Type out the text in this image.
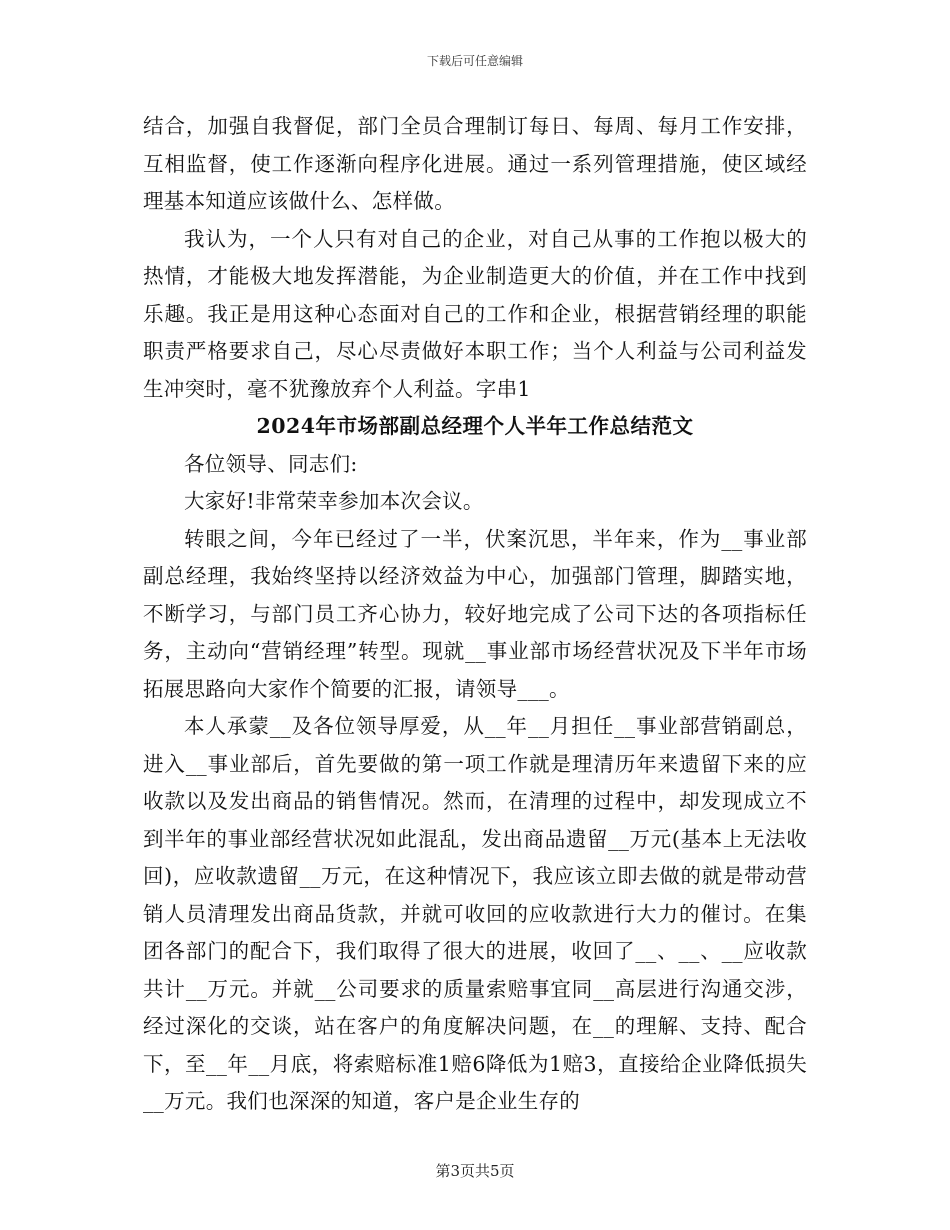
下载后可任意编辑

结合，加强自我督促，部门全员合理制订每日、每周、每月工作安排，互相监督，使工作逐渐向程序化进展。通过一系列管理措施，使区域经理基本知道应该做什么、怎样做。

我认为，一个人只有对自己的企业，对自己从事的工作抱以极大的热情，才能极大地发挥潜能，为企业制造更大的价值，并在工作中找到乐趣。我正是用这种心态面对自己的工作和企业，根据营销经理的职能职责严格要求自己，尽心尽责做好本职工作；当个人利益与公司利益发生冲突时，毫不犹豫放弃个人利益。字串1

2024年市场部副总经理个人半年工作总结范文

各位领导、同志们:

大家好!非常荣幸参加本次会议。

转眼之间，今年已经过了一半，伏案沉思，半年来，作为__事业部副总经理，我始终坚持以经济效益为中心，加强部门管理，脚踏实地，不断学习，与部门员工齐心协力，较好地完成了公司下达的各项指标任务，主动向“营销经理”转型。现就__事业部市场经营状况及下半年市场拓展思路向大家作个简要的汇报，请领导___。

本人承蒙__及各位领导厚爱，从__年__月担任__事业部营销副总，进入__事业部后，首先要做的第一项工作就是理清历年来遗留下来的应收款以及发出商品的销售情况。然而，在清理的过程中，却发现成立不到半年的事业部经营状况如此混乱，发出商品遗留__万元(基本上无法收回)，应收款遗留__万元，在这种情况下，我应该立即去做的就是带动营销人员清理发出商品货款，并就可收回的应收款进行大力的催讨。在集团各部门的配合下，我们取得了很大的进展，收回了__、__、__应收款共计__万元。并就__公司要求的质量索赔事宜同__高层进行沟通交涉，经过深化的交谈，站在客户的角度解决问题，在__的理解、支持、配合下，至__年__月底，将索赔标准1赔6降低为1赔3，直接给企业降低损失__万元。我们也深深的知道，客户是企业生存的

第3页共5页
